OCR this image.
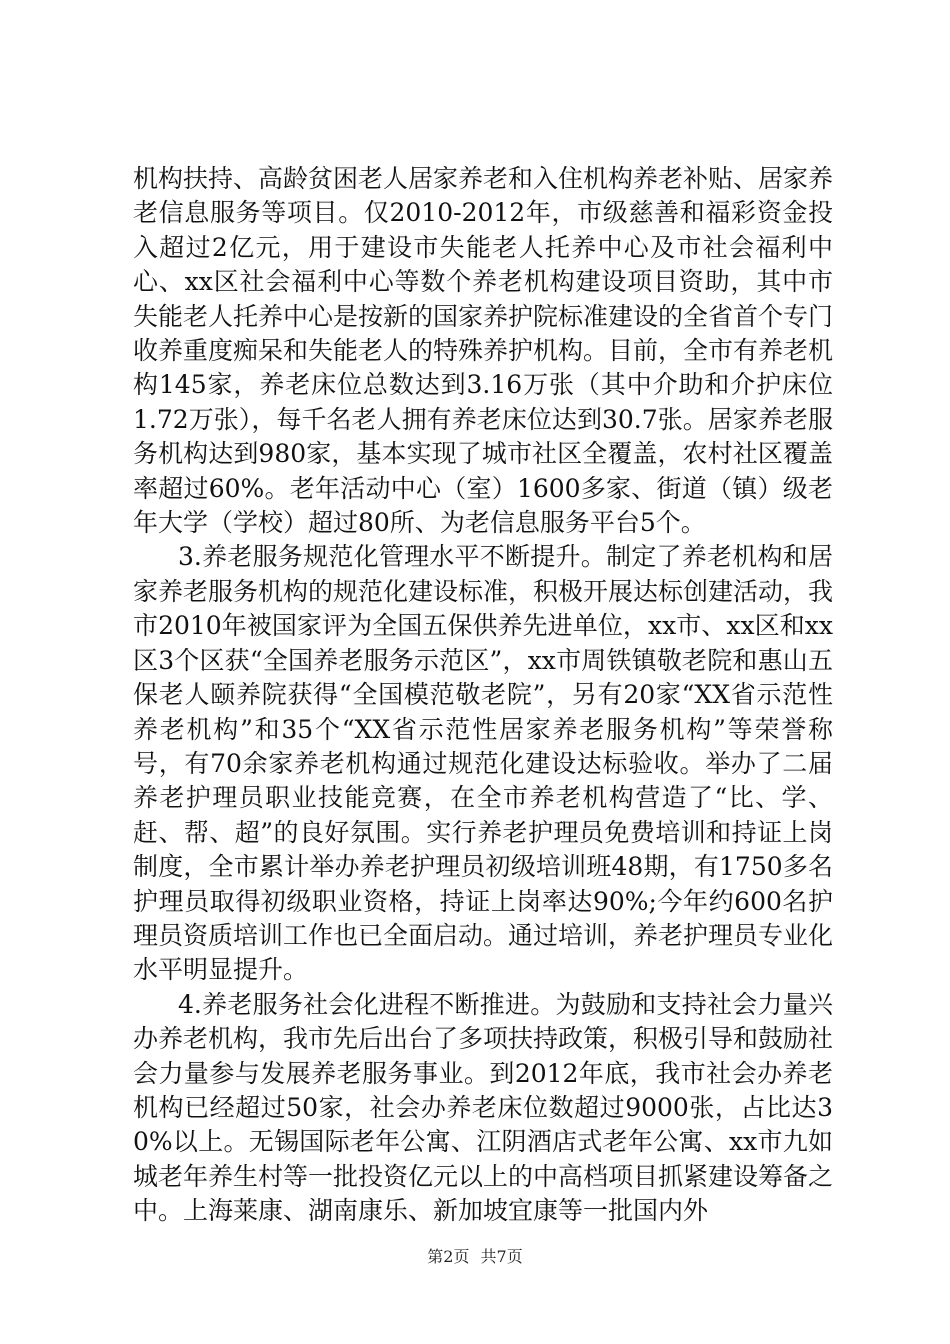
机构扶持、高龄贫困老人居家养老和入住机构养老补贴、居家养老信息服务等项目。仅2010-2012年，市级慈善和福彩资金投入超过2亿元，用于建设市失能老人托养中心及市社会福利中心、xx区社会福利中心等数个养老机构建设项目资助，其中市失能老人托养中心是按新的国家养护院标准建设的全省首个专门收养重度痴呆和失能老人的特殊养护机构。目前，全市有养老机构145家，养老床位总数达到3.16万张（其中介助和介护床位1.72万张），每千名老人拥有养老床位达到30.7张。居家养老服务机构达到980家，基本实现了城市社区全覆盖，农村社区覆盖率超过60%。老年活动中心（室）1600多家、街道（镇）级老年大学（学校）超过80所、为老信息服务平台5个。

3.养老服务规范化管理水平不断提升。制定了养老机构和居家养老服务机构的规范化建设标准，积极开展达标创建活动，我市2010年被国家评为全国五保供养先进单位，xx市、xx区和xx区3个区获“全国养老服务示范区”，xx市周铁镇敬老院和惠山五保老人颐养院获得“全国模范敬老院”，另有20家“XX省示范性养老机构”和35个“XX省示范性居家养老服务机构”等荣誉称号，有70余家养老机构通过规范化建设达标验收。举办了二届养老护理员职业技能竞赛，在全市养老机构营造了“比、学、赶、帮、超”的良好氛围。实行养老护理员免费培训和持证上岗制度，全市累计举办养老护理员初级培训班48期，有1750多名护理员取得初级职业资格，持证上岗率达90%;今年约600名护理员资质培训工作也已全面启动。通过培训，养老护理员专业化水平明显提升。

4.养老服务社会化进程不断推进。为鼓励和支持社会力量兴办养老机构，我市先后出台了多项扶持政策，积极引导和鼓励社会力量参与发展养老服务事业。到2012年底，我市社会办养老机构已经超过50家，社会办养老床位数超过9000张，占比达30%以上。无锡国际老年公寓、江阴酒店式老年公寓、xx市九如城老年养生村等一批投资亿元以上的中高档项目抓紧建设筹备之中。上海莱康、湖南康乐、新加坡宜康等一批国内外

第2页 共7页
